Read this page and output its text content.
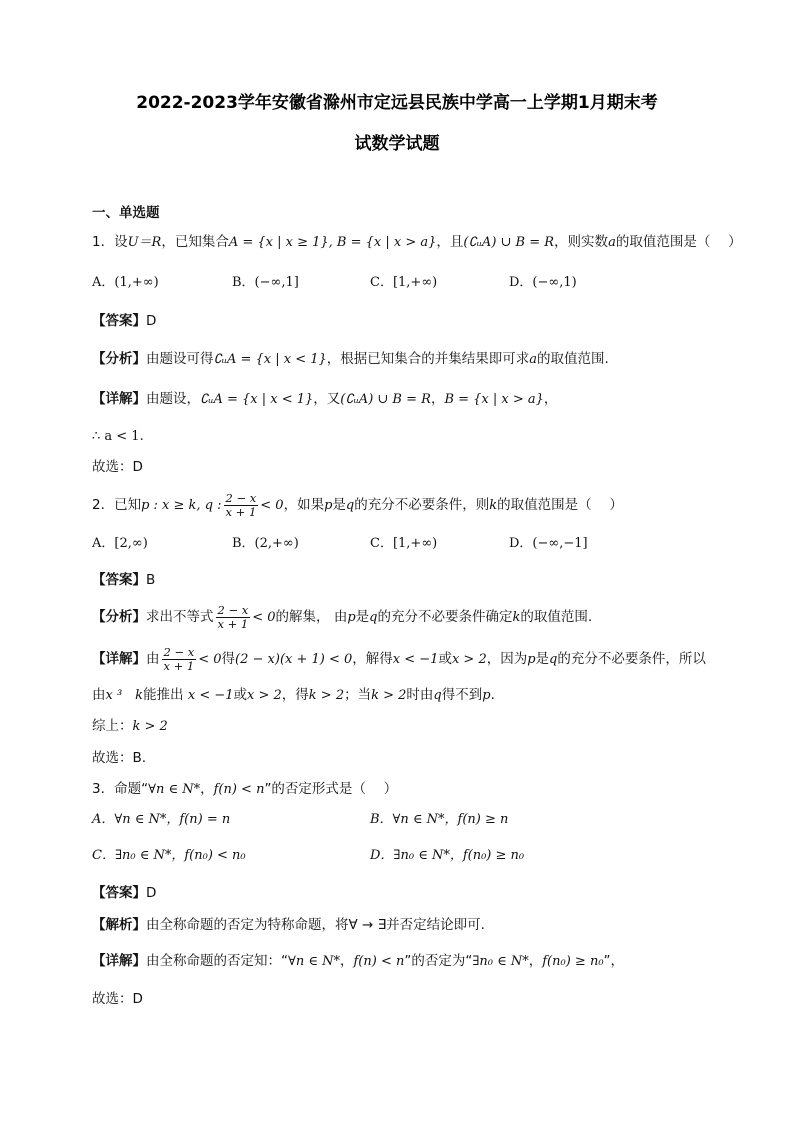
2022-2023学年安徽省滁州市定远县民族中学高一上学期1月期末考
试数学试题
一、单选题
1．设U＝R，已知集合A = {x | x ≥ 1}, B = {x | x > a}，且(∁ᵤA) ∪ B = R，则实数a的取值范围是（　 ）
A．(1,+∞)	B．(−∞,1]	C．[1,+∞)	D．(−∞,1)
【答案】D
【分析】由题设可得∁ᵤA = {x | x < 1}，根据已知集合的并集结果即可求a的取值范围.
【详解】由题设，∁ᵤA = {x | x < 1}，又(∁ᵤA) ∪ B = R，B = {x | x > a}，
∴ a < 1.
故选：D
2．已知p : x ≥ k, q : $\frac{2 - x}{x + 1} < 0$，如果p是q的充分不必要条件，则k的取值范围是（　 ）
A．[2,∞)	B．(2,+∞)	C．[1,+∞)	D．(−∞,−1]
【答案】B
【分析】求出不等式 $\frac{2 - x}{x + 1} < 0$的解集， 由p是q的充分不必要条件确定k的取值范围.
【详解】由 $\frac{2 - x}{x + 1} < 0$得(2 − x)(x + 1) < 0，解得x < −1或x > 2，因为p是q的充分不必要条件，所以
由x ³　k能推出 x < −1或x > 2，得k > 2；当k > 2时由q得不到p.
综上：k > 2
故选：B.
3．命题“∀n ∈ N*，f(n) < n”的否定形式是（　 ）
A．∀n ∈ N*，f(n) = n	B．∀n ∈ N*，f(n) ≥ n
C．∃n₀ ∈ N*，f(n₀) < n₀	D．∃n₀ ∈ N*，f(n₀) ≥ n₀
【答案】D
【解析】由全称命题的否定为特称命题，将∀ → ∃并否定结论即可.
【详解】由全称命题的否定知：“∀n ∈ N*，f(n) < n”的否定为“∃n₀ ∈ N*，f(n₀) ≥ n₀”，
故选：D
